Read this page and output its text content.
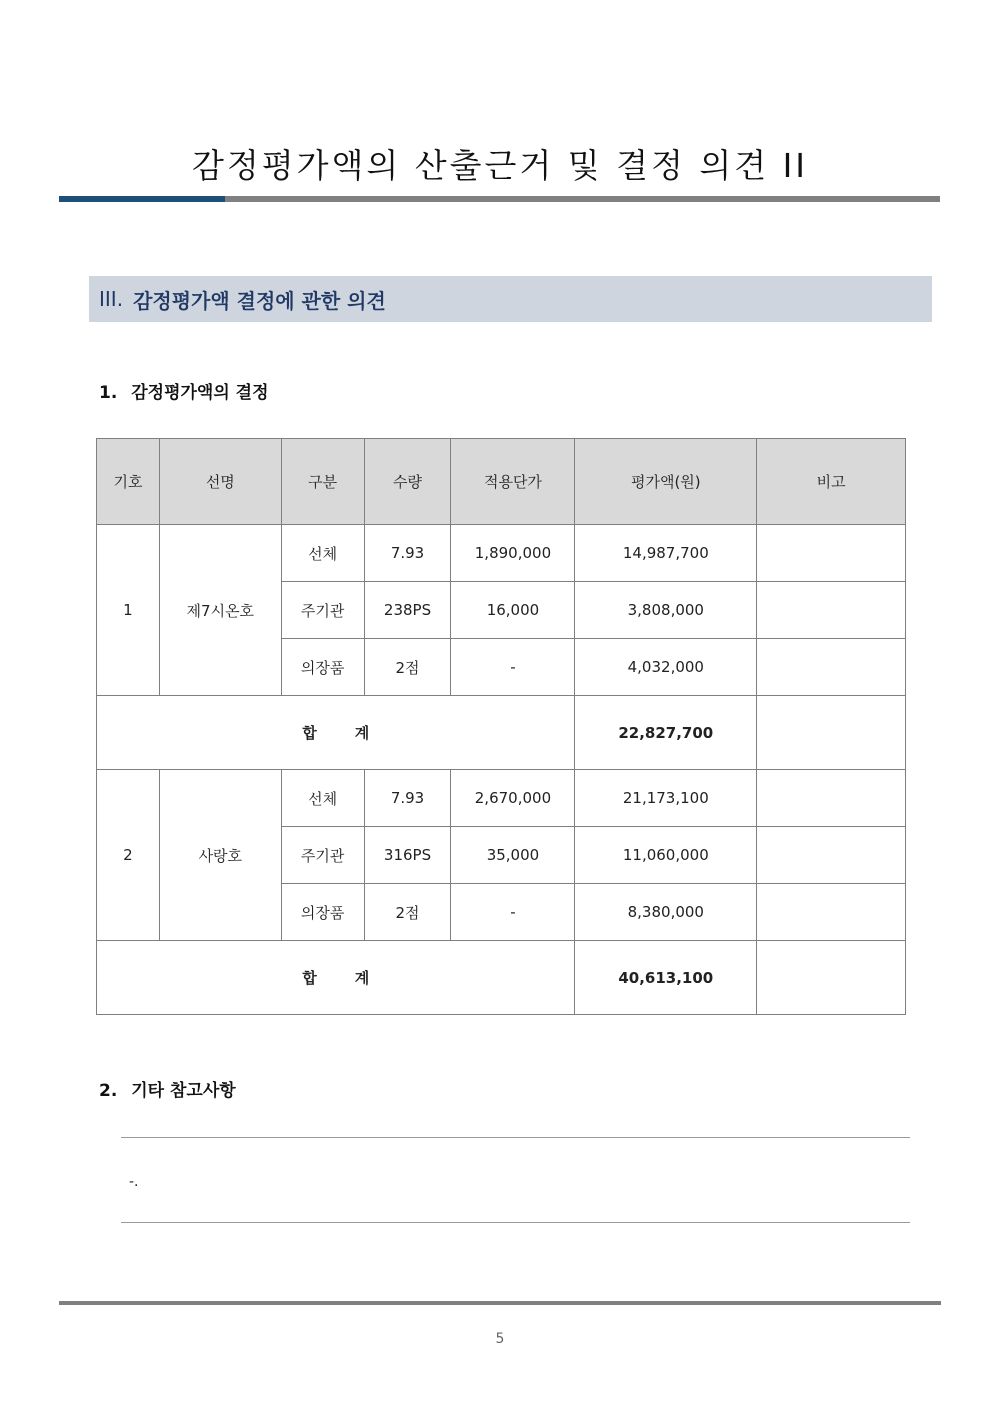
감정평가액의 산출근거 및 결정 의견 II
III. 감정평가액 결정에 관한 의견
1. 감정평가액의 결정
기호	선명	구분	수량	적용단가	평가액(원)	비고
1	제7시온호	선체	7.93	1,890,000	14,987,700	
		주기관	238PS	16,000	3,808,000	
		의장품	2점	-	4,032,000	
합계					22,827,700	
2	사랑호	선체	7.93	2,670,000	21,173,100	
		주기관	316PS	35,000	11,060,000	
		의장품	2점	-	8,380,000	
합계					40,613,100	
2. 기타 참고사항
-.
5
